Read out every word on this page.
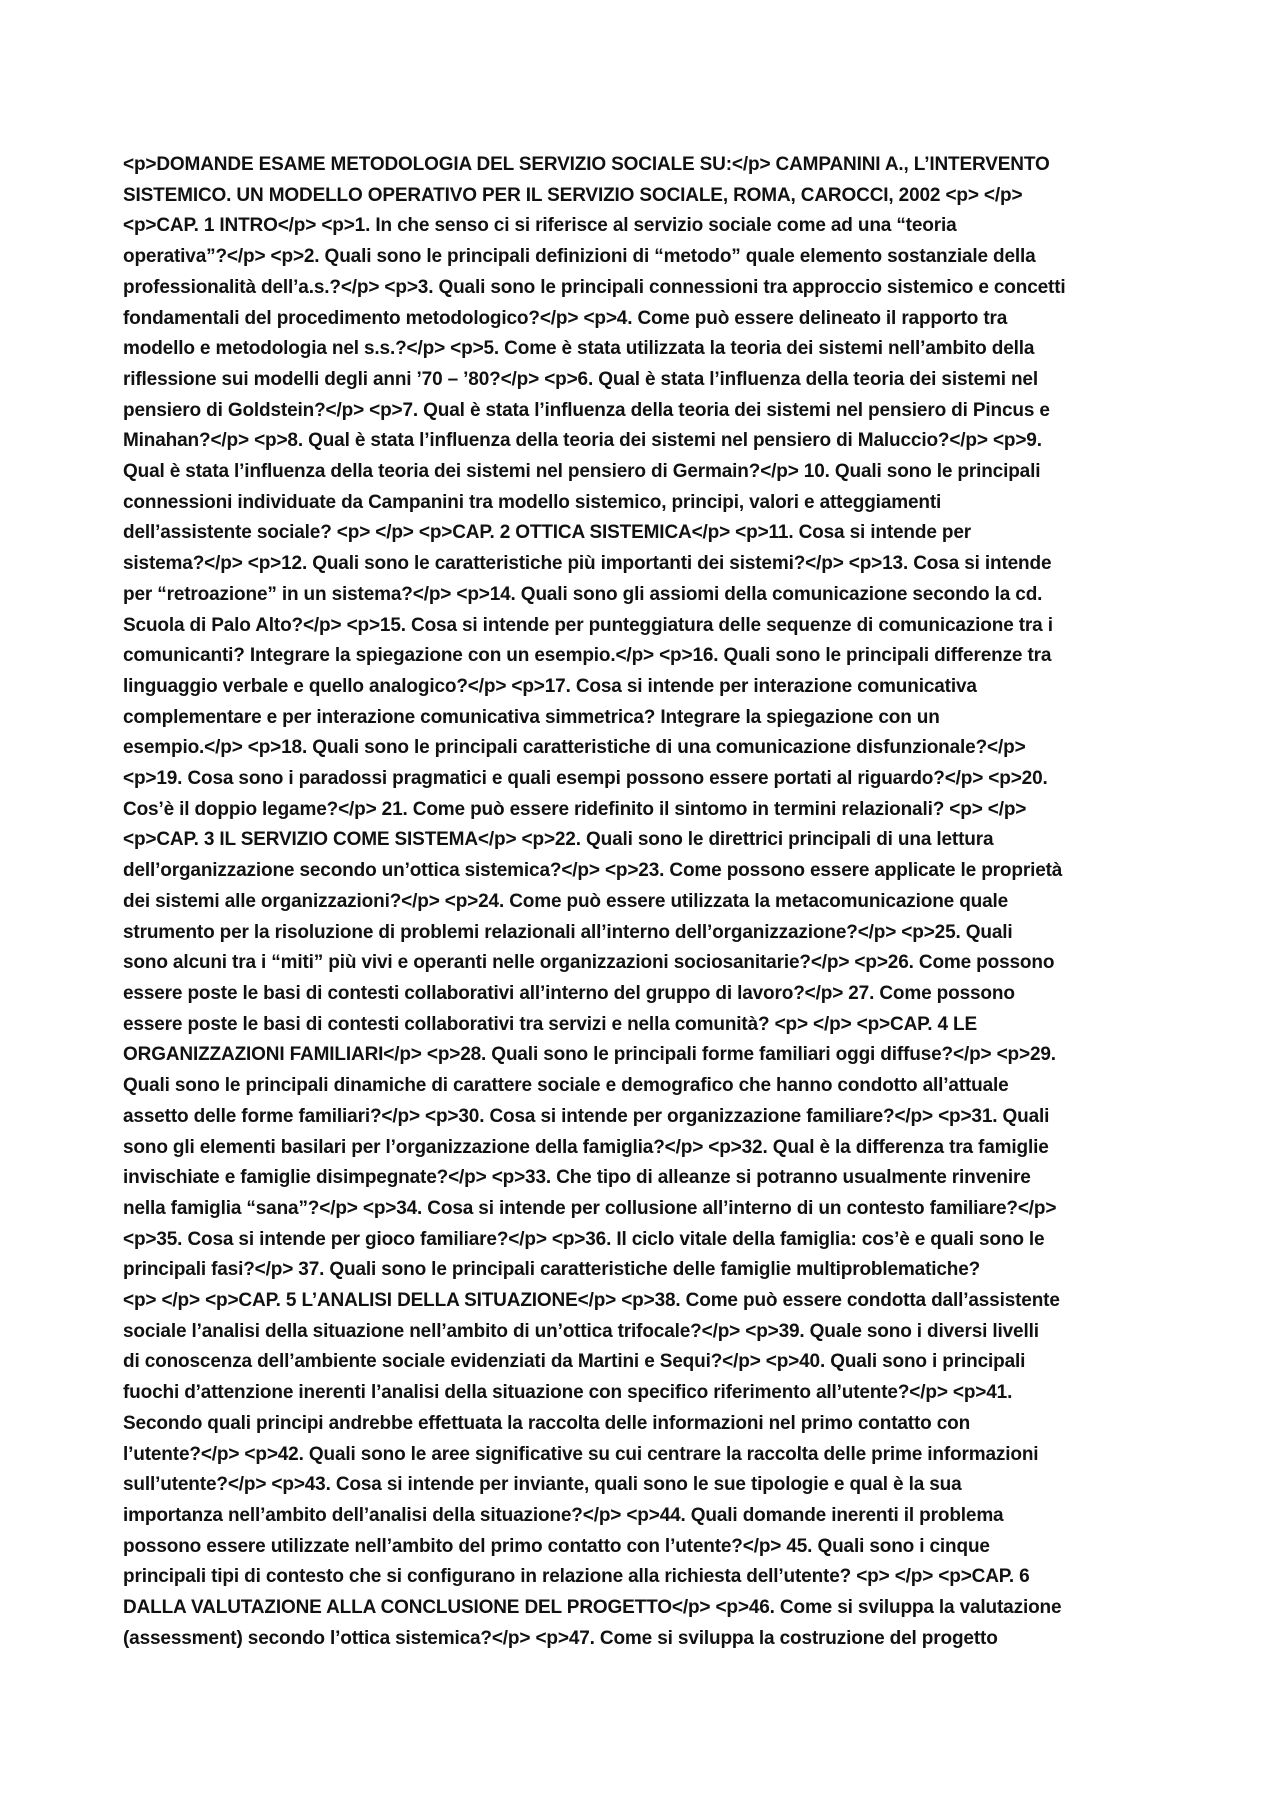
<p>DOMANDE ESAME METODOLOGIA DEL SERVIZIO SOCIALE SU:</p> CAMPANINI A., L’INTERVENTO
SISTEMICO. UN MODELLO OPERATIVO PER IL SERVIZIO SOCIALE, ROMA, CAROCCI, 2002 <p> </p>
<p>CAP. 1 INTRO</p> <p>1. In che senso ci si riferisce al servizio sociale come ad una “teoria
operativa”?</p> <p>2. Quali sono le principali definizioni di “metodo” quale elemento sostanziale della
professionalità dell’a.s.?</p> <p>3. Quali sono le principali connessioni tra approccio sistemico e concetti
fondamentali del procedimento metodologico?</p> <p>4. Come può essere delineato il rapporto tra
modello e metodologia nel s.s.?</p> <p>5. Come è stata utilizzata la teoria dei sistemi nell’ambito della
riflessione sui modelli degli anni ’70 – ’80?</p> <p>6. Qual è stata l’influenza della teoria dei sistemi nel
pensiero di Goldstein?</p> <p>7. Qual è stata l’influenza della teoria dei sistemi nel pensiero di Pincus e
Minahan?</p> <p>8. Qual è stata l’influenza della teoria dei sistemi nel pensiero di Maluccio?</p> <p>9.
Qual è stata l’influenza della teoria dei sistemi nel pensiero di Germain?</p> 10. Quali sono le principali
connessioni individuate da Campanini tra modello sistemico, principi, valori e atteggiamenti
dell’assistente sociale? <p> </p> <p>CAP. 2 OTTICA SISTEMICA</p> <p>11. Cosa si intende per
sistema?</p> <p>12. Quali sono le caratteristiche più importanti dei sistemi?</p> <p>13. Cosa si intende
per “retroazione” in un sistema?</p> <p>14. Quali sono gli assiomi della comunicazione secondo la cd.
Scuola di Palo Alto?</p> <p>15. Cosa si intende per punteggiatura delle sequenze di comunicazione tra i
comunicanti? Integrare la spiegazione con un esempio.</p> <p>16. Quali sono le principali differenze tra
linguaggio verbale e quello analogico?</p> <p>17. Cosa si intende per interazione comunicativa
complementare e per interazione comunicativa simmetrica? Integrare la spiegazione con un
esempio.</p> <p>18. Quali sono le principali caratteristiche di una comunicazione disfunzionale?</p>
<p>19. Cosa sono i paradossi pragmatici e quali esempi possono essere portati al riguardo?</p> <p>20.
Cos’è il doppio legame?</p> 21. Come può essere ridefinito il sintomo in termini relazionali? <p> </p>
<p>CAP. 3 IL SERVIZIO COME SISTEMA</p> <p>22. Quali sono le direttrici principali di una lettura
dell’organizzazione secondo un’ottica sistemica?</p> <p>23. Come possono essere applicate le proprietà
dei sistemi alle organizzazioni?</p> <p>24. Come può essere utilizzata la metacomunicazione quale
strumento per la risoluzione di problemi relazionali all’interno dell’organizzazione?</p> <p>25. Quali
sono alcuni tra i “miti” più vivi e operanti nelle organizzazioni sociosanitarie?</p> <p>26. Come possono
essere poste le basi di contesti collaborativi all’interno del gruppo di lavoro?</p> 27. Come possono
essere poste le basi di contesti collaborativi tra servizi e nella comunità? <p> </p> <p>CAP. 4 LE
ORGANIZZAZIONI FAMILIARI</p> <p>28. Quali sono le principali forme familiari oggi diffuse?</p> <p>29.
Quali sono le principali dinamiche di carattere sociale e demografico che hanno condotto all’attuale
assetto delle forme familiari?</p> <p>30. Cosa si intende per organizzazione familiare?</p> <p>31. Quali
sono gli elementi basilari per l’organizzazione della famiglia?</p> <p>32. Qual è la differenza tra famiglie
invischiate e famiglie disimpegnate?</p> <p>33. Che tipo di alleanze si potranno usualmente rinvenire
nella famiglia “sana”?</p> <p>34. Cosa si intende per collusione all’interno di un contesto familiare?</p>
<p>35. Cosa si intende per gioco familiare?</p> <p>36. Il ciclo vitale della famiglia: cos’è e quali sono le
principali fasi?</p> 37. Quali sono le principali caratteristiche delle famiglie multiproblematiche?
<p> </p> <p>CAP. 5 L’ANALISI DELLA SITUAZIONE</p> <p>38. Come può essere condotta dall’assistente
sociale l’analisi della situazione nell’ambito di un’ottica trifocale?</p> <p>39. Quale sono i diversi livelli
di conoscenza dell’ambiente sociale evidenziati da Martini e Sequi?</p> <p>40. Quali sono i principali
fuochi d’attenzione inerenti l’analisi della situazione con specifico riferimento all’utente?</p> <p>41.
Secondo quali principi andrebbe effettuata la raccolta delle informazioni nel primo contatto con
l’utente?</p> <p>42. Quali sono le aree significative su cui centrare la raccolta delle prime informazioni
sull’utente?</p> <p>43. Cosa si intende per inviante, quali sono le sue tipologie e qual è la sua
importanza nell’ambito dell’analisi della situazione?</p> <p>44. Quali domande inerenti il problema
possono essere utilizzate nell’ambito del primo contatto con l’utente?</p> 45. Quali sono i cinque
principali tipi di contesto che si configurano in relazione alla richiesta dell’utente? <p> </p> <p>CAP. 6
DALLA VALUTAZIONE ALLA CONCLUSIONE DEL PROGETTO</p> <p>46. Come si sviluppa la valutazione
(assessment) secondo l’ottica sistemica?</p> <p>47. Come si sviluppa la costruzione del progetto
